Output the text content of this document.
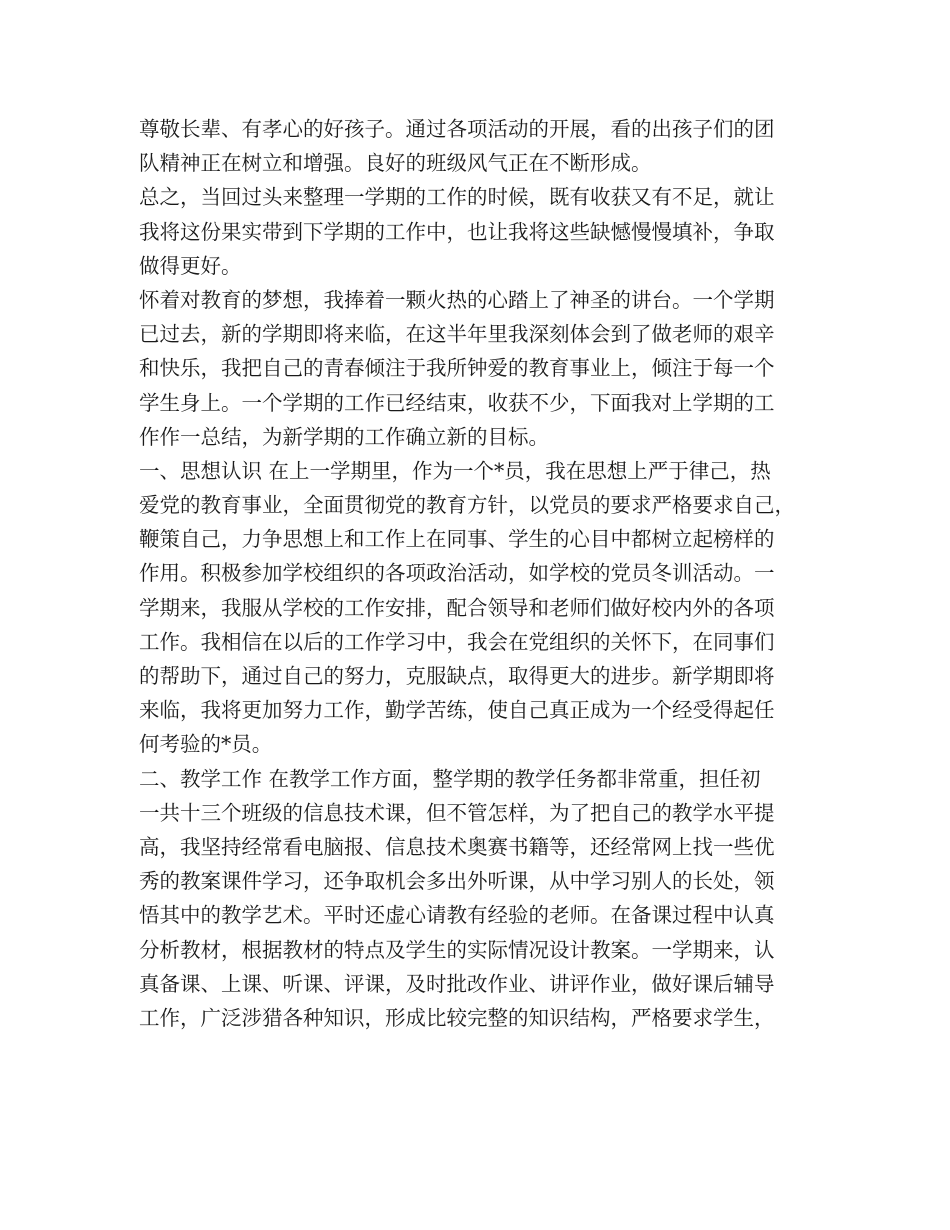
尊敬长辈、有孝心的好孩子。通过各项活动的开展，看的出孩子们的团
队精神正在树立和增强。良好的班级风气正在不断形成。
总之，当回过头来整理一学期的工作的时候，既有收获又有不足，就让
我将这份果实带到下学期的工作中，也让我将这些缺憾慢慢填补，争取
做得更好。
怀着对教育的梦想，我捧着一颗火热的心踏上了神圣的讲台。一个学期
已过去，新的学期即将来临，在这半年里我深刻体会到了做老师的艰辛
和快乐，我把自己的青春倾注于我所钟爱的教育事业上，倾注于每一个
学生身上。一个学期的工作已经结束，收获不少，下面我对上学期的工
作作一总结，为新学期的工作确立新的目标。
一、思想认识 在上一学期里，作为一个*员，我在思想上严于律己，热
爱党的教育事业，全面贯彻党的教育方针，以党员的要求严格要求自己，
鞭策自己，力争思想上和工作上在同事、学生的心目中都树立起榜样的
作用。积极参加学校组织的各项政治活动，如学校的党员冬训活动。一
学期来，我服从学校的工作安排，配合领导和老师们做好校内外的各项
工作。我相信在以后的工作学习中，我会在党组织的关怀下，在同事们
的帮助下，通过自己的努力，克服缺点，取得更大的进步。新学期即将
来临，我将更加努力工作，勤学苦练，使自己真正成为一个经受得起任
何考验的*员。
二、教学工作 在教学工作方面，整学期的教学任务都非常重，担任初
一共十三个班级的信息技术课，但不管怎样，为了把自己的教学水平提
高，我坚持经常看电脑报、信息技术奥赛书籍等，还经常网上找一些优
秀的教案课件学习，还争取机会多出外听课，从中学习别人的长处，领
悟其中的教学艺术。平时还虚心请教有经验的老师。在备课过程中认真
分析教材，根据教材的特点及学生的实际情况设计教案。一学期来，认
真备课、上课、听课、评课，及时批改作业、讲评作业，做好课后辅导
工作，广泛涉猎各种知识，形成比较完整的知识结构，严格要求学生，
